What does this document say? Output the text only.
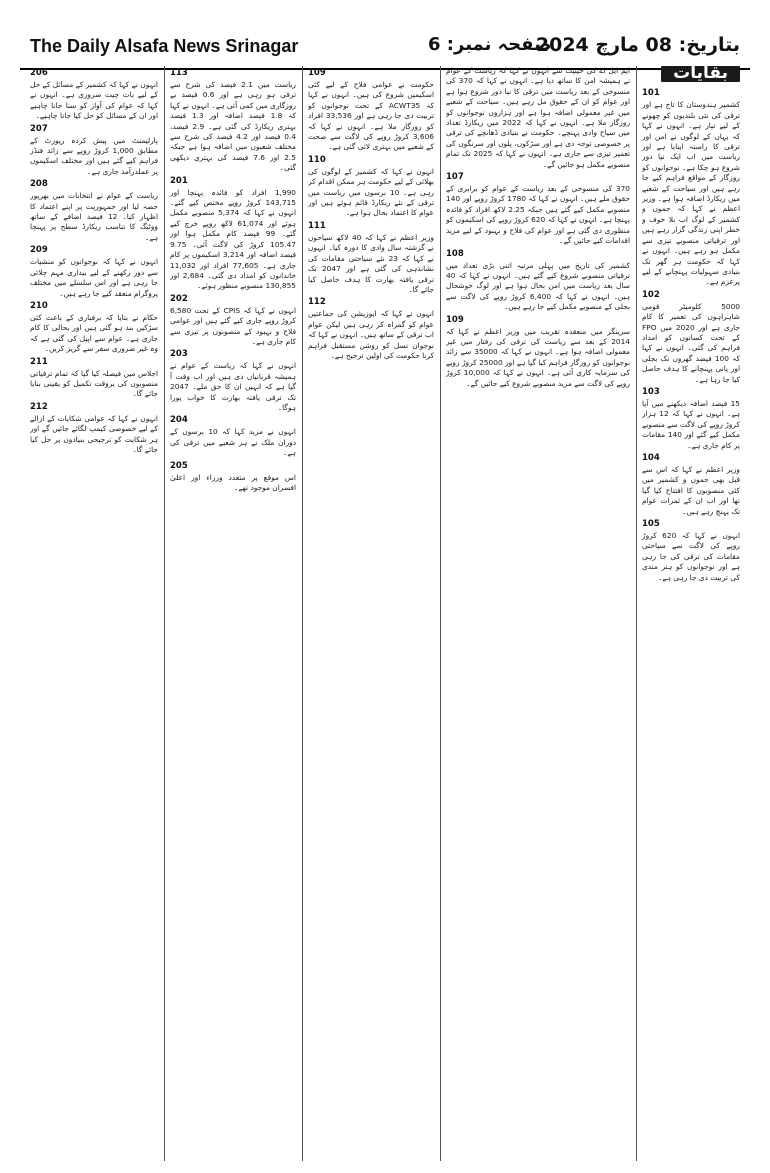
The Daily Alsafa News Srinagar	صفحہ نمبر: 6
بتاریخ: 08 مارچ 2024
بقایات
101

کشمیر ہندوستان کا تاج ہے اور ترقی کی نئی بلندیوں کو چھونے کے لیے تیار ہے۔ انہوں نے کہا کہ یہاں کے لوگوں نے امن اور ترقی کا راستہ اپنایا ہے اور ریاست میں اب ایک نیا دور شروع ہو چکا ہے۔ نوجوانوں کو روزگار کے مواقع فراہم کیے جا رہے ہیں اور سیاحت کے شعبے میں ریکارڈ اضافہ ہوا ہے۔ وزیر اعظم نے کہا کہ جموں و کشمیر کے لوگ اب بلا خوف و خطر اپنی زندگی گزار رہے ہیں اور ترقیاتی منصوبے تیزی سے مکمل ہو رہے ہیں۔ انہوں نے کہا کہ حکومت ہر گھر تک بنیادی سہولیات پہنچانے کے لیے پرعزم ہے۔

102

5000 کلومیٹر قومی شاہراہوں کی تعمیر کا کام جاری ہے اور 2020 میں FPO کے تحت کسانوں کو امداد فراہم کی گئی۔ انہوں نے کہا کہ 100 فیصد گھروں تک بجلی اور پانی پہنچانے کا ہدف حاصل کیا جا رہا ہے۔

103

15 فیصد اضافہ دیکھنے میں آیا ہے۔ انہوں نے کہا کہ 12 ہزار کروڑ روپے کی لاگت سے منصوبے مکمل کیے گئے اور 140 مقامات پر کام جاری ہے۔

104

وزیر اعظم نے کہا کہ اس سے قبل بھی جموں و کشمیر میں کئی منصوبوں کا افتتاح کیا گیا تھا اور اب ان کے ثمرات عوام تک پہنچ رہے ہیں۔

105

انہوں نے کہا کہ 620 کروڑ روپے کی لاگت سے سیاحتی مقامات کی ترقی کی جا رہی ہے اور نوجوانوں کو ہنر مندی کی تربیت دی جا رہی ہے۔

ایم ایل اے کی حیثیت سے انہوں نے کہا کہ ریاست کے عوام نے ہمیشہ امن کا ساتھ دیا ہے۔ انہوں نے کہا کہ 370 کی منسوخی کے بعد ریاست میں ترقی کا نیا دور شروع ہوا ہے اور عوام کو ان کے حقوق مل رہے ہیں۔ سیاحت کے شعبے میں غیر معمولی اضافہ ہوا ہے اور ہزاروں نوجوانوں کو روزگار ملا ہے۔ انہوں نے کہا کہ 2022 میں ریکارڈ تعداد میں سیاح وادی پہنچے۔ حکومت نے بنیادی ڈھانچے کی ترقی پر خصوصی توجہ دی ہے اور سڑکوں، پلوں اور سرنگوں کی تعمیر تیزی سے جاری ہے۔ انہوں نے کہا کہ 2025 تک تمام منصوبے مکمل ہو جائیں گے۔

107

370 کی منسوخی کے بعد ریاست کے عوام کو برابری کے حقوق ملے ہیں۔ انہوں نے کہا کہ 1780 کروڑ روپے اور 140 منصوبے مکمل کیے گئے ہیں جبکہ 2.25 لاکھ افراد کو فائدہ پہنچا ہے۔ انہوں نے کہا کہ 620 کروڑ روپے کی اسکیموں کو منظوری دی گئی ہے اور عوام کی فلاح و بہبود کے لیے مزید اقدامات کیے جائیں گے۔

108

کشمیر کی تاریخ میں پہلی مرتبہ اتنی بڑی تعداد میں ترقیاتی منصوبے شروع کیے گئے ہیں۔ انہوں نے کہا کہ 40 سال بعد ریاست میں امن بحال ہوا ہے اور لوگ خوشحال ہیں۔ انہوں نے کہا کہ 6,400 کروڑ روپے کی لاگت سے بجلی کے منصوبے مکمل کیے جا رہے ہیں۔

109

سرینگر میں منعقدہ تقریب میں وزیر اعظم نے کہا کہ 2014 کے بعد سے ریاست کی ترقی کی رفتار میں غیر معمولی اضافہ ہوا ہے۔ انہوں نے کہا کہ 35000 سے زائد نوجوانوں کو روزگار فراہم کیا گیا ہے اور 25000 کروڑ روپے کی سرمایہ کاری آئی ہے۔ انہوں نے کہا کہ 10,000 کروڑ روپے کی لاگت سے مزید منصوبے شروع کیے جائیں گے۔

109

حکومت نے عوامی فلاح کے لیے کئی اسکیمیں شروع کی ہیں۔ انہوں نے کہا کہ ACWT35 کے تحت نوجوانوں کو تربیت دی جا رہی ہے اور 33,536 افراد کو روزگار ملا ہے۔ انہوں نے کہا کہ 3,606 کروڑ روپے کی لاگت سے صحت کے شعبے میں بہتری لائی گئی ہے۔

110

انہوں نے کہا کہ کشمیر کے لوگوں کی بھلائی کے لیے حکومت ہر ممکن اقدام کر رہی ہے۔ 10 برسوں میں ریاست میں ترقی کے نئے ریکارڈ قائم ہوئے ہیں اور عوام کا اعتماد بحال ہوا ہے۔

111

وزیر اعظم نے کہا کہ 40 لاکھ سیاحوں نے گزشتہ سال وادی کا دورہ کیا۔ انہوں نے کہا کہ 23 نئے سیاحتی مقامات کی نشاندہی کی گئی ہے اور 2047 تک ترقی یافتہ بھارت کا ہدف حاصل کیا جائے گا۔

112

انہوں نے کہا کہ اپوزیشن کی جماعتیں عوام کو گمراہ کر رہی ہیں لیکن عوام اب ترقی کے ساتھ ہیں۔ انہوں نے کہا کہ نوجوان نسل کو روشن مستقبل فراہم کرنا حکومت کی اولین ترجیح ہے۔

113

ریاست میں 2.1 فیصد کی شرح سے ترقی ہو رہی ہے اور 0.6 فیصد بے روزگاری میں کمی آئی ہے۔ انہوں نے کہا کہ 1.8 فیصد اضافہ اور 1.3 فیصد بہتری ریکارڈ کی گئی ہے۔ 2.9 فیصد، 0.4 فیصد اور 4.2 فیصد کی شرح سے مختلف شعبوں میں اضافہ ہوا ہے جبکہ 2.5 اور 7.6 فیصد کی بہتری دیکھی گئی۔

201

1,990 افراد کو فائدہ پہنچا اور 143,715 کروڑ روپے مختص کیے گئے۔ انہوں نے کہا کہ 5,374 منصوبے مکمل ہوئے اور 61,074 لاکھ روپے خرچ کیے گئے۔ 99 فیصد کام مکمل ہوا اور 105.47 کروڑ کی لاگت آئی۔ 9.75 فیصد اضافہ اور 3,214 اسکیموں پر کام جاری ہے۔ 77,605 افراد اور 11,032 خاندانوں کو امداد دی گئی۔ 2,684 اور 130,855 منصوبے منظور ہوئے۔

202

انہوں نے کہا کہ CPIS کے تحت 6,580 کروڑ روپے جاری کیے گئے ہیں اور عوامی فلاح و بہبود کے منصوبوں پر تیزی سے کام جاری ہے۔

203

انہوں نے کہا کہ ریاست کے عوام نے ہمیشہ قربانیاں دی ہیں اور اب وقت آ گیا ہے کہ انہیں ان کا حق ملے۔ 2047 تک ترقی یافتہ بھارت کا خواب پورا ہوگا۔

204

انہوں نے مزید کہا کہ 10 برسوں کے دوران ملک نے ہر شعبے میں ترقی کی ہے۔

205

اس موقع پر متعدد وزراء اور اعلیٰ افسران موجود تھے۔

206

انہوں نے کہا کہ کشمیر کے مسائل کے حل کے لیے بات چیت ضروری ہے۔ انہوں نے کہا کہ عوام کی آواز کو سنا جانا چاہیے اور ان کے مسائل کو حل کیا جانا چاہیے۔

207

پارلیمنٹ میں پیش کردہ رپورٹ کے مطابق 1,000 کروڑ روپے سے زائد فنڈز فراہم کیے گئے ہیں اور مختلف اسکیموں پر عملدرآمد جاری ہے۔

208

ریاست کے عوام نے انتخابات میں بھرپور حصہ لیا اور جمہوریت پر اپنے اعتماد کا اظہار کیا۔ 12 فیصد اضافے کے ساتھ ووٹنگ کا تناسب ریکارڈ سطح پر پہنچا ہے۔

209

انہوں نے کہا کہ نوجوانوں کو منشیات سے دور رکھنے کے لیے بیداری مہم چلائی جا رہی ہے اور اس سلسلے میں مختلف پروگرام منعقد کیے جا رہے ہیں۔

210

حکام نے بتایا کہ برفباری کے باعث کئی سڑکیں بند ہو گئی ہیں اور بحالی کا کام جاری ہے۔ عوام سے اپیل کی گئی ہے کہ وہ غیر ضروری سفر سے گریز کریں۔

211

اجلاس میں فیصلہ کیا گیا کہ تمام ترقیاتی منصوبوں کی بروقت تکمیل کو یقینی بنایا جائے گا۔

212

انہوں نے کہا کہ عوامی شکایات کے ازالے کے لیے خصوصی کیمپ لگائے جائیں گے اور ہر شکایت کو ترجیحی بنیادوں پر حل کیا جائے گا۔
